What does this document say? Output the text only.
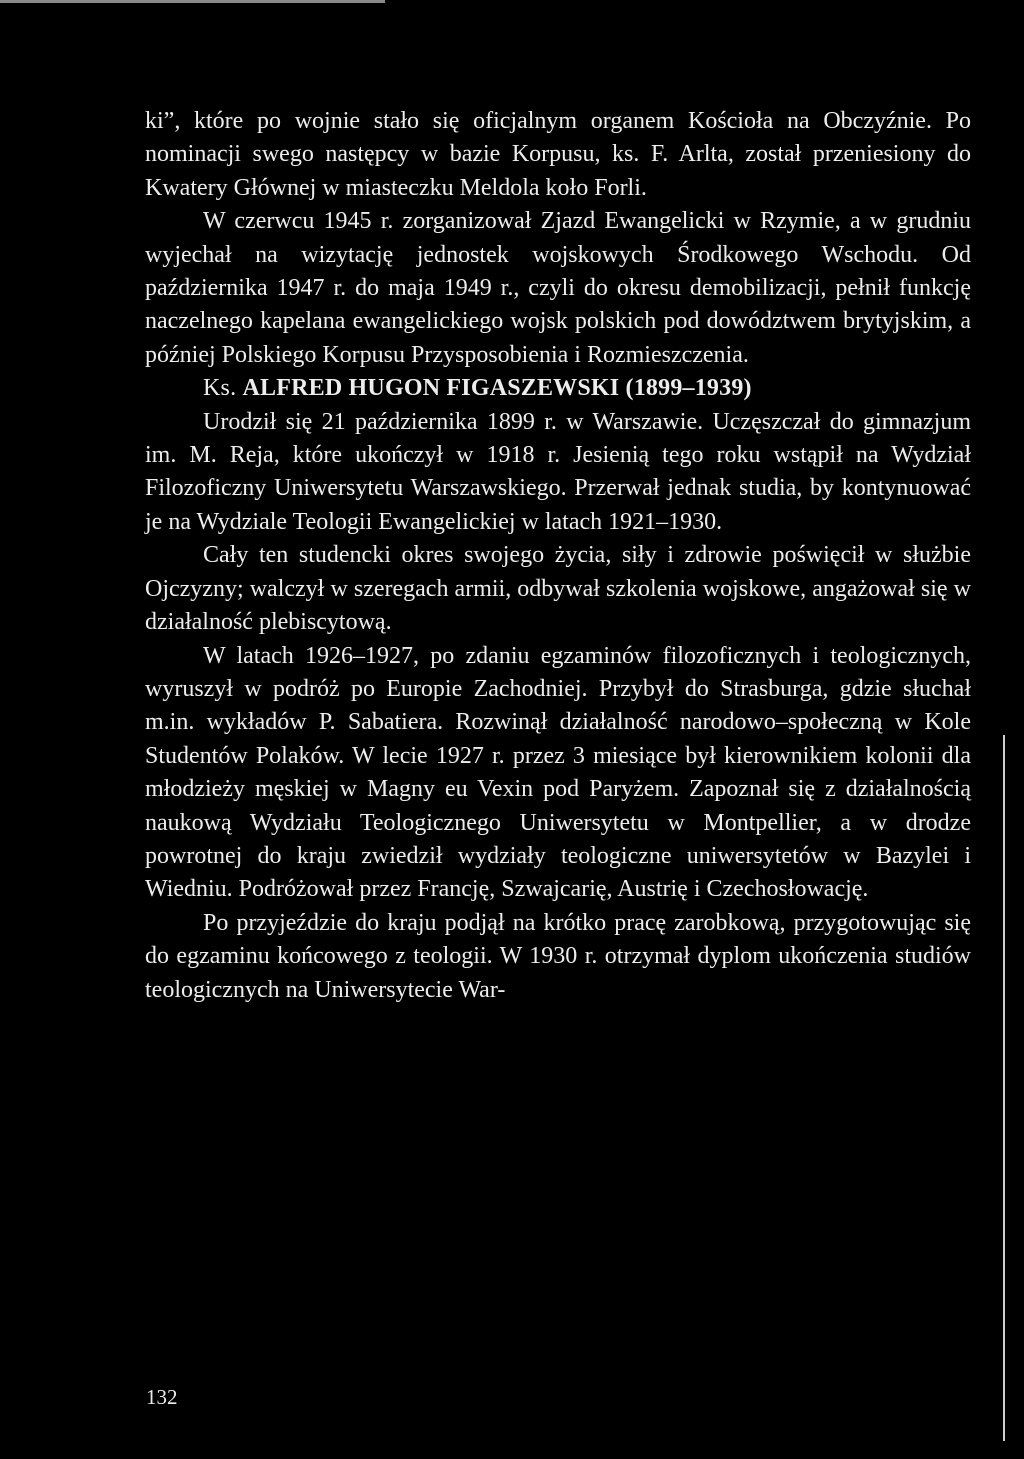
ki”, które po wojnie stało się oficjalnym organem Kościoła na Obczyźnie. Po nominacji swego następcy w bazie Korpusu, ks. F. Arlta, został przeniesiony do Kwatery Głównej w miasteczku Meldola koło Forli.

W czerwcu 1945 r. zorganizował Zjazd Ewangelicki w Rzymie, a w grudniu wyjechał na wizytację jednostek wojskowych Środkowego Wschodu. Od października 1947 r. do maja 1949 r., czyli do okresu demobilizacji, pełnił funkcję naczelnego kapelana ewangelickiego wojsk polskich pod dowództwem brytyjskim, a później Polskiego Korpusu Przysposobienia i Rozmieszczenia.

Ks. ALFRED HUGON FIGASZEWSKI (1899–1939)

Urodził się 21 października 1899 r. w Warszawie. Uczęszczał do gimnazjum im. M. Reja, które ukończył w 1918 r. Jesienią tego roku wstąpił na Wydział Filozoficzny Uniwersytetu Warszawskiego. Przerwał jednak studia, by kontynuować je na Wydziale Teologii Ewangelickiej w latach 1921–1930.

Cały ten studencki okres swojego życia, siły i zdrowie poświęcił w służbie Ojczyzny; walczył w szeregach armii, odbywał szkolenia wojskowe, angażował się w działalność plebiscytową.

W latach 1926–1927, po zdaniu egzaminów filozoficznych i teologicznych, wyruszył w podróż po Europie Zachodniej. Przybył do Strasburga, gdzie słuchał m.in. wykładów P. Sabatiera. Rozwinął działalność narodowo–społeczną w Kole Studentów Polaków. W lecie 1927 r. przez 3 miesiące był kierownikiem kolonii dla młodzieży męskiej w Magny eu Vexin pod Paryżem. Zapoznał się z działalnością naukową Wydziału Teologicznego Uniwersytetu w Montpellier, a w drodze powrotnej do kraju zwiedził wydziały teologiczne uniwersytetów w Bazylei i Wiedniu. Podróżował przez Francję, Szwajcarię, Austrię i Czechosłowację.

Po przyjeździe do kraju podjął na krótko pracę zarobkową, przygotowując się do egzaminu końcowego z teologii. W 1930 r. otrzymał dyplom ukończenia studiów teologicznych na Uniwersytecie War-

132
